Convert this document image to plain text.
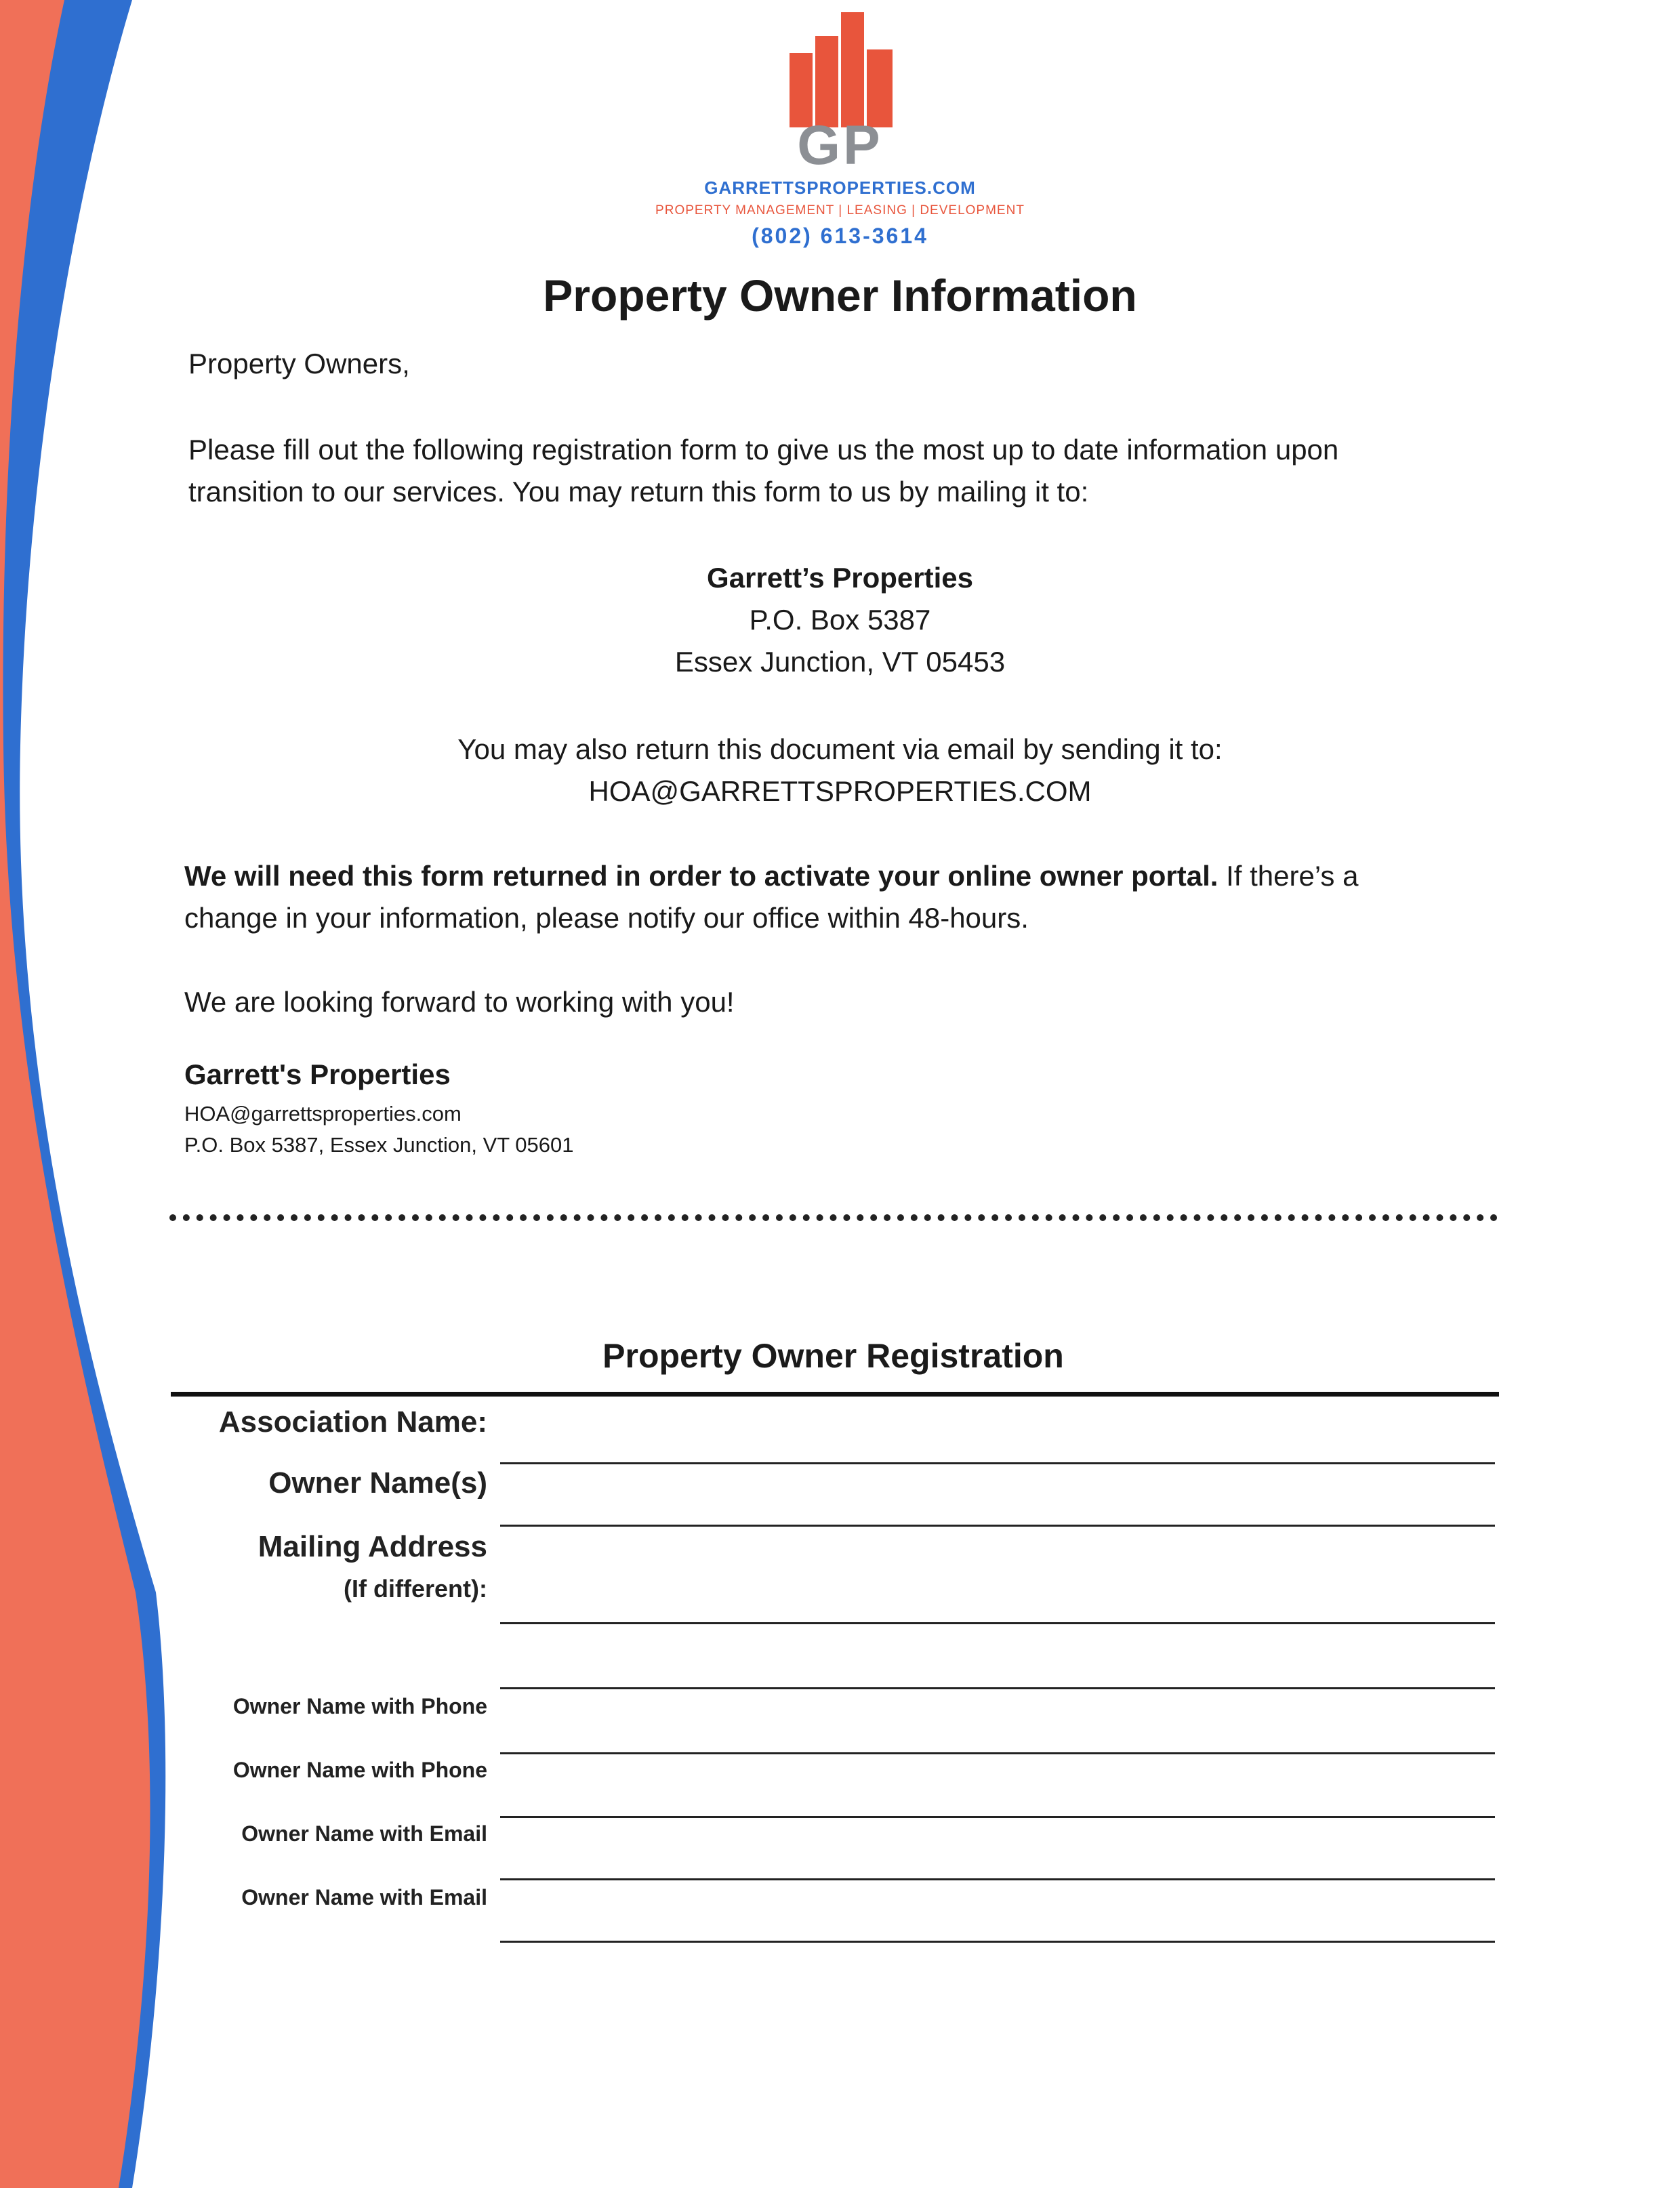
GP
GARRETTSPROPERTIES.COM
PROPERTY MANAGEMENT | LEASING | DEVELOPMENT
(802) 613-3614
Property Owner Information
Property Owners,
Please fill out the following registration form to give us the most up to date information upon
transition to our services. You may return this form to us by mailing it to:
Garrett’s Properties
P.O. Box 5387
Essex Junction, VT 05453
You may also return this document via email by sending it to:
HOA@GARRETTSPROPERTIES.COM
We will need this form returned in order to activate your online owner portal. If there’s a
change in your information, please notify our office within 48-hours.
We are looking forward to working with you!
Garrett's Properties
HOA@garrettsproperties.com
P.O. Box 5387, Essex Junction, VT 05601
Property Owner Registration
Association Name:
Owner Name(s)
Mailing Address
(If different):
Owner Name with Phone
Owner Name with Phone
Owner Name with Email
Owner Name with Email
